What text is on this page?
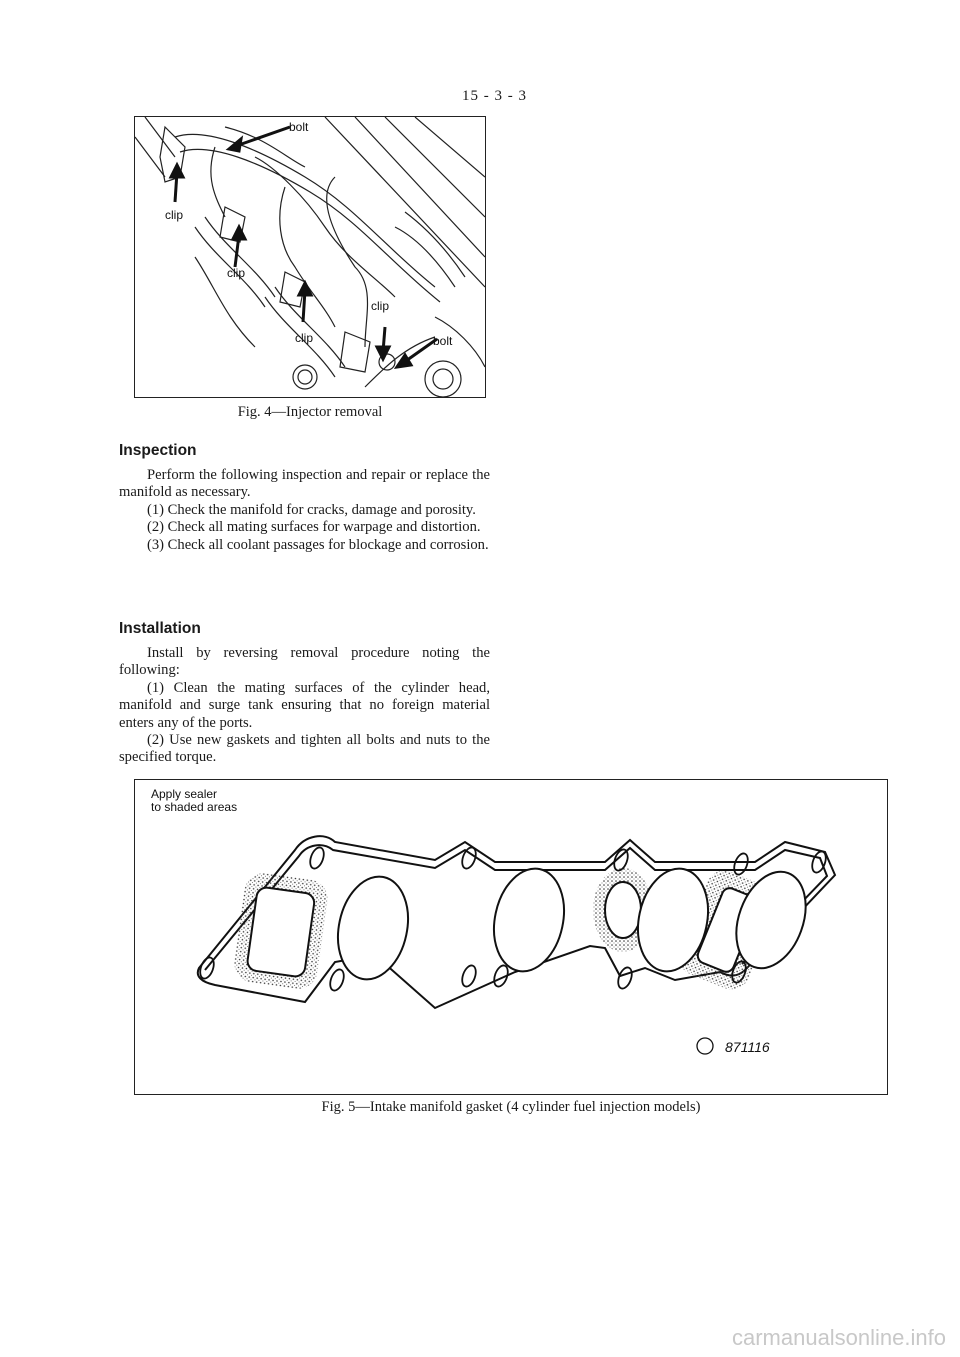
15 - 3 - 3
bolt
clip
clip
clip
clip
bolt
Fig. 4—Injector removal
Inspection
Perform the following inspection and repair or replace the manifold as necessary.
(1) Check the manifold for cracks, damage and porosity.
(2) Check all mating surfaces for warpage and distortion.
(3) Check all coolant passages for blockage and corrosion.
Installation
Install by reversing removal procedure noting the following:
(1) Clean the mating surfaces of the cylinder head, manifold and surge tank ensuring that no foreign material enters any of the ports.
(2) Use new gaskets and tighten all bolts and nuts to the specified torque.
Apply sealer
to shaded areas
871116
Fig. 5—Intake manifold gasket (4 cylinder fuel injection models)
carmanualsonline.info
